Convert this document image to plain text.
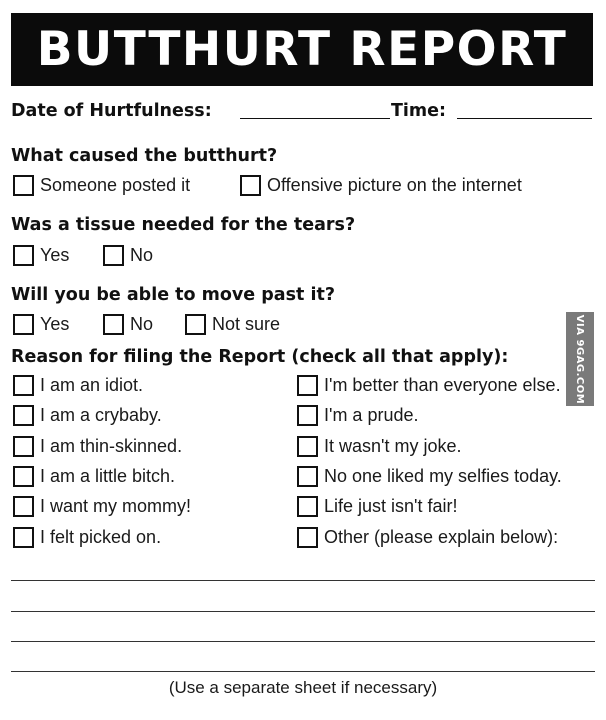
BUTTHURT REPORT
Date of Hurtfulness:	Time:
What caused the butthurt?
Someone posted it	Offensive picture on the internet
Was a tissue needed for the tears?
Yes	No
Will you be able to move past it?
Yes	No	Not sure
Reason for filing the Report (check all that apply):
I am an idiot.
I am a crybaby.
I am thin-skinned.
I am a little bitch.
I want my mommy!
I felt picked on.
I'm better than everyone else.
I'm a prude.
It wasn't my joke.
No one liked my selfies today.
Life just isn't fair!
Other (please explain below):
(Use a separate sheet if necessary)
VIA 9GAG.COM
